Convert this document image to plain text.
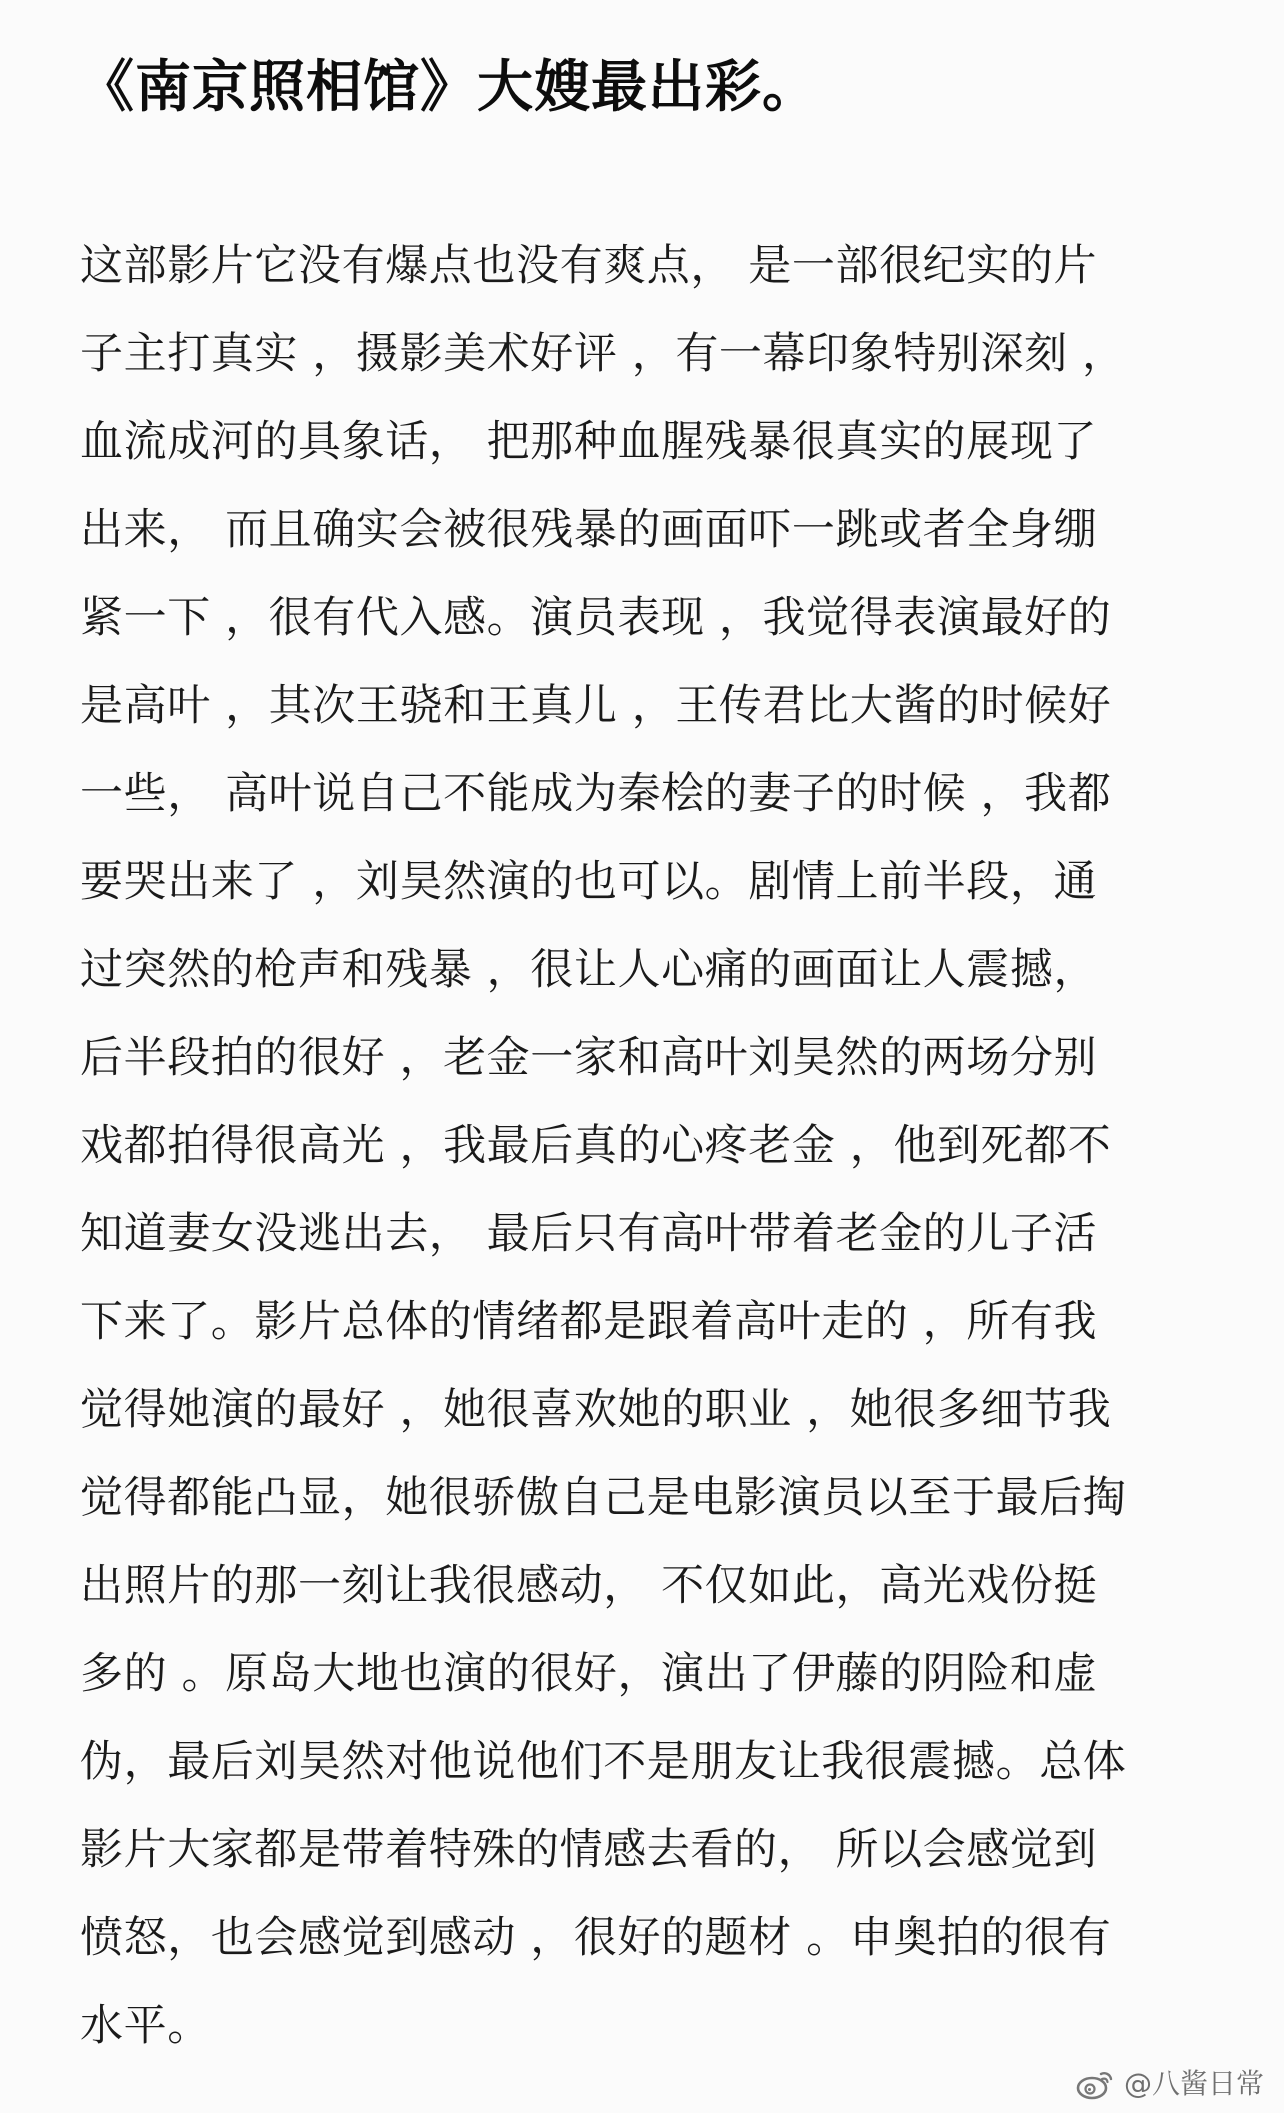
《南京照相馆》大嫂最出彩。
这部影片它没有爆点也没有爽点， 是一部很纪实的片
子主打真实 ，摄影美术好评 ，有一幕印象特别深刻 ，
血流成河的具象话， 把那种血腥残暴很真实的展现了
出来， 而且确实会被很残暴的画面吓一跳或者全身绷
紧一下 ，很有代入感。演员表现 ，我觉得表演最好的
是高叶 ，其次王骁和王真儿 ，王传君比大酱的时候好
一些， 高叶说自己不能成为秦桧的妻子的时候 ，我都
要哭出来了 ，刘昊然演的也可以。剧情上前半段，通
过突然的枪声和残暴 ，很让人心痛的画面让人震撼，
后半段拍的很好 ，老金一家和高叶刘昊然的两场分别
戏都拍得很高光 ，我最后真的心疼老金 ，他到死都不
知道妻女没逃出去， 最后只有高叶带着老金的儿子活
下来了。影片总体的情绪都是跟着高叶走的 ，所有我
觉得她演的最好 ，她很喜欢她的职业 ，她很多细节我
觉得都能凸显，她很骄傲自己是电影演员以至于最后掏
出照片的那一刻让我很感动， 不仅如此，高光戏份挺
多的 。原岛大地也演的很好，演出了伊藤的阴险和虚
伪，最后刘昊然对他说他们不是朋友让我很震撼。总体
影片大家都是带着特殊的情感去看的， 所以会感觉到
愤怒，也会感觉到感动 ，很好的题材 。申奥拍的很有
水平。
@八酱日常
